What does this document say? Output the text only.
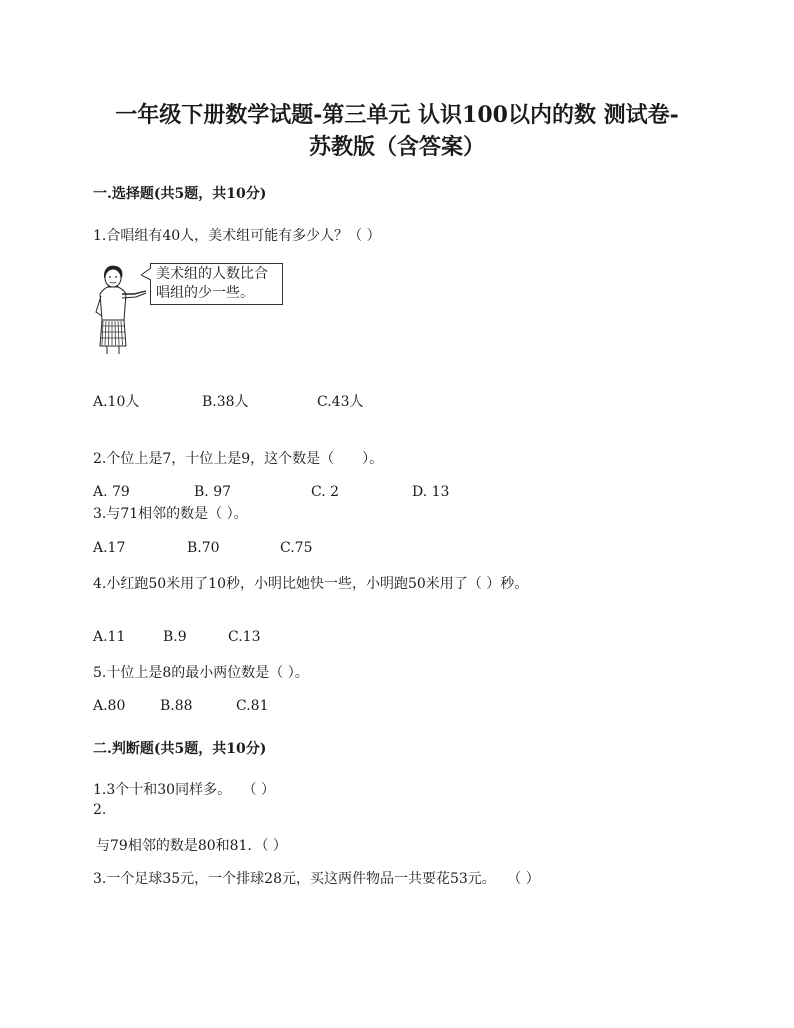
一年级下册数学试题-第三单元 认识100以内的数 测试卷-
苏教版（含答案）
一.选择题(共5题，共10分)
1.合唱组有40人，美术组可能有多少人？（ ）
美术组的人数比合
唱组的少一些。
A.10人	B.38人	C.43人
2.个位上是7，十位上是9，这个数是（　　）。
A. 79	B. 97	C. 2	D. 13
3.与71相邻的数是（ ）。
A.17	B.70	C.75
4.小红跑50米用了10秒，小明比她快一些，小明跑50米用了（ ）秒。
A.11	B.9	C.13
5.十位上是8的最小两位数是（ ）。
A.80 B.88	C.81
二.判断题(共5题，共10分)
1.3个十和30同样多。　 （ ）
2.
与79相邻的数是80和81．（ ）
3.一个足球35元，一个排球28元，买这两件物品一共要花53元。　 （ ）
